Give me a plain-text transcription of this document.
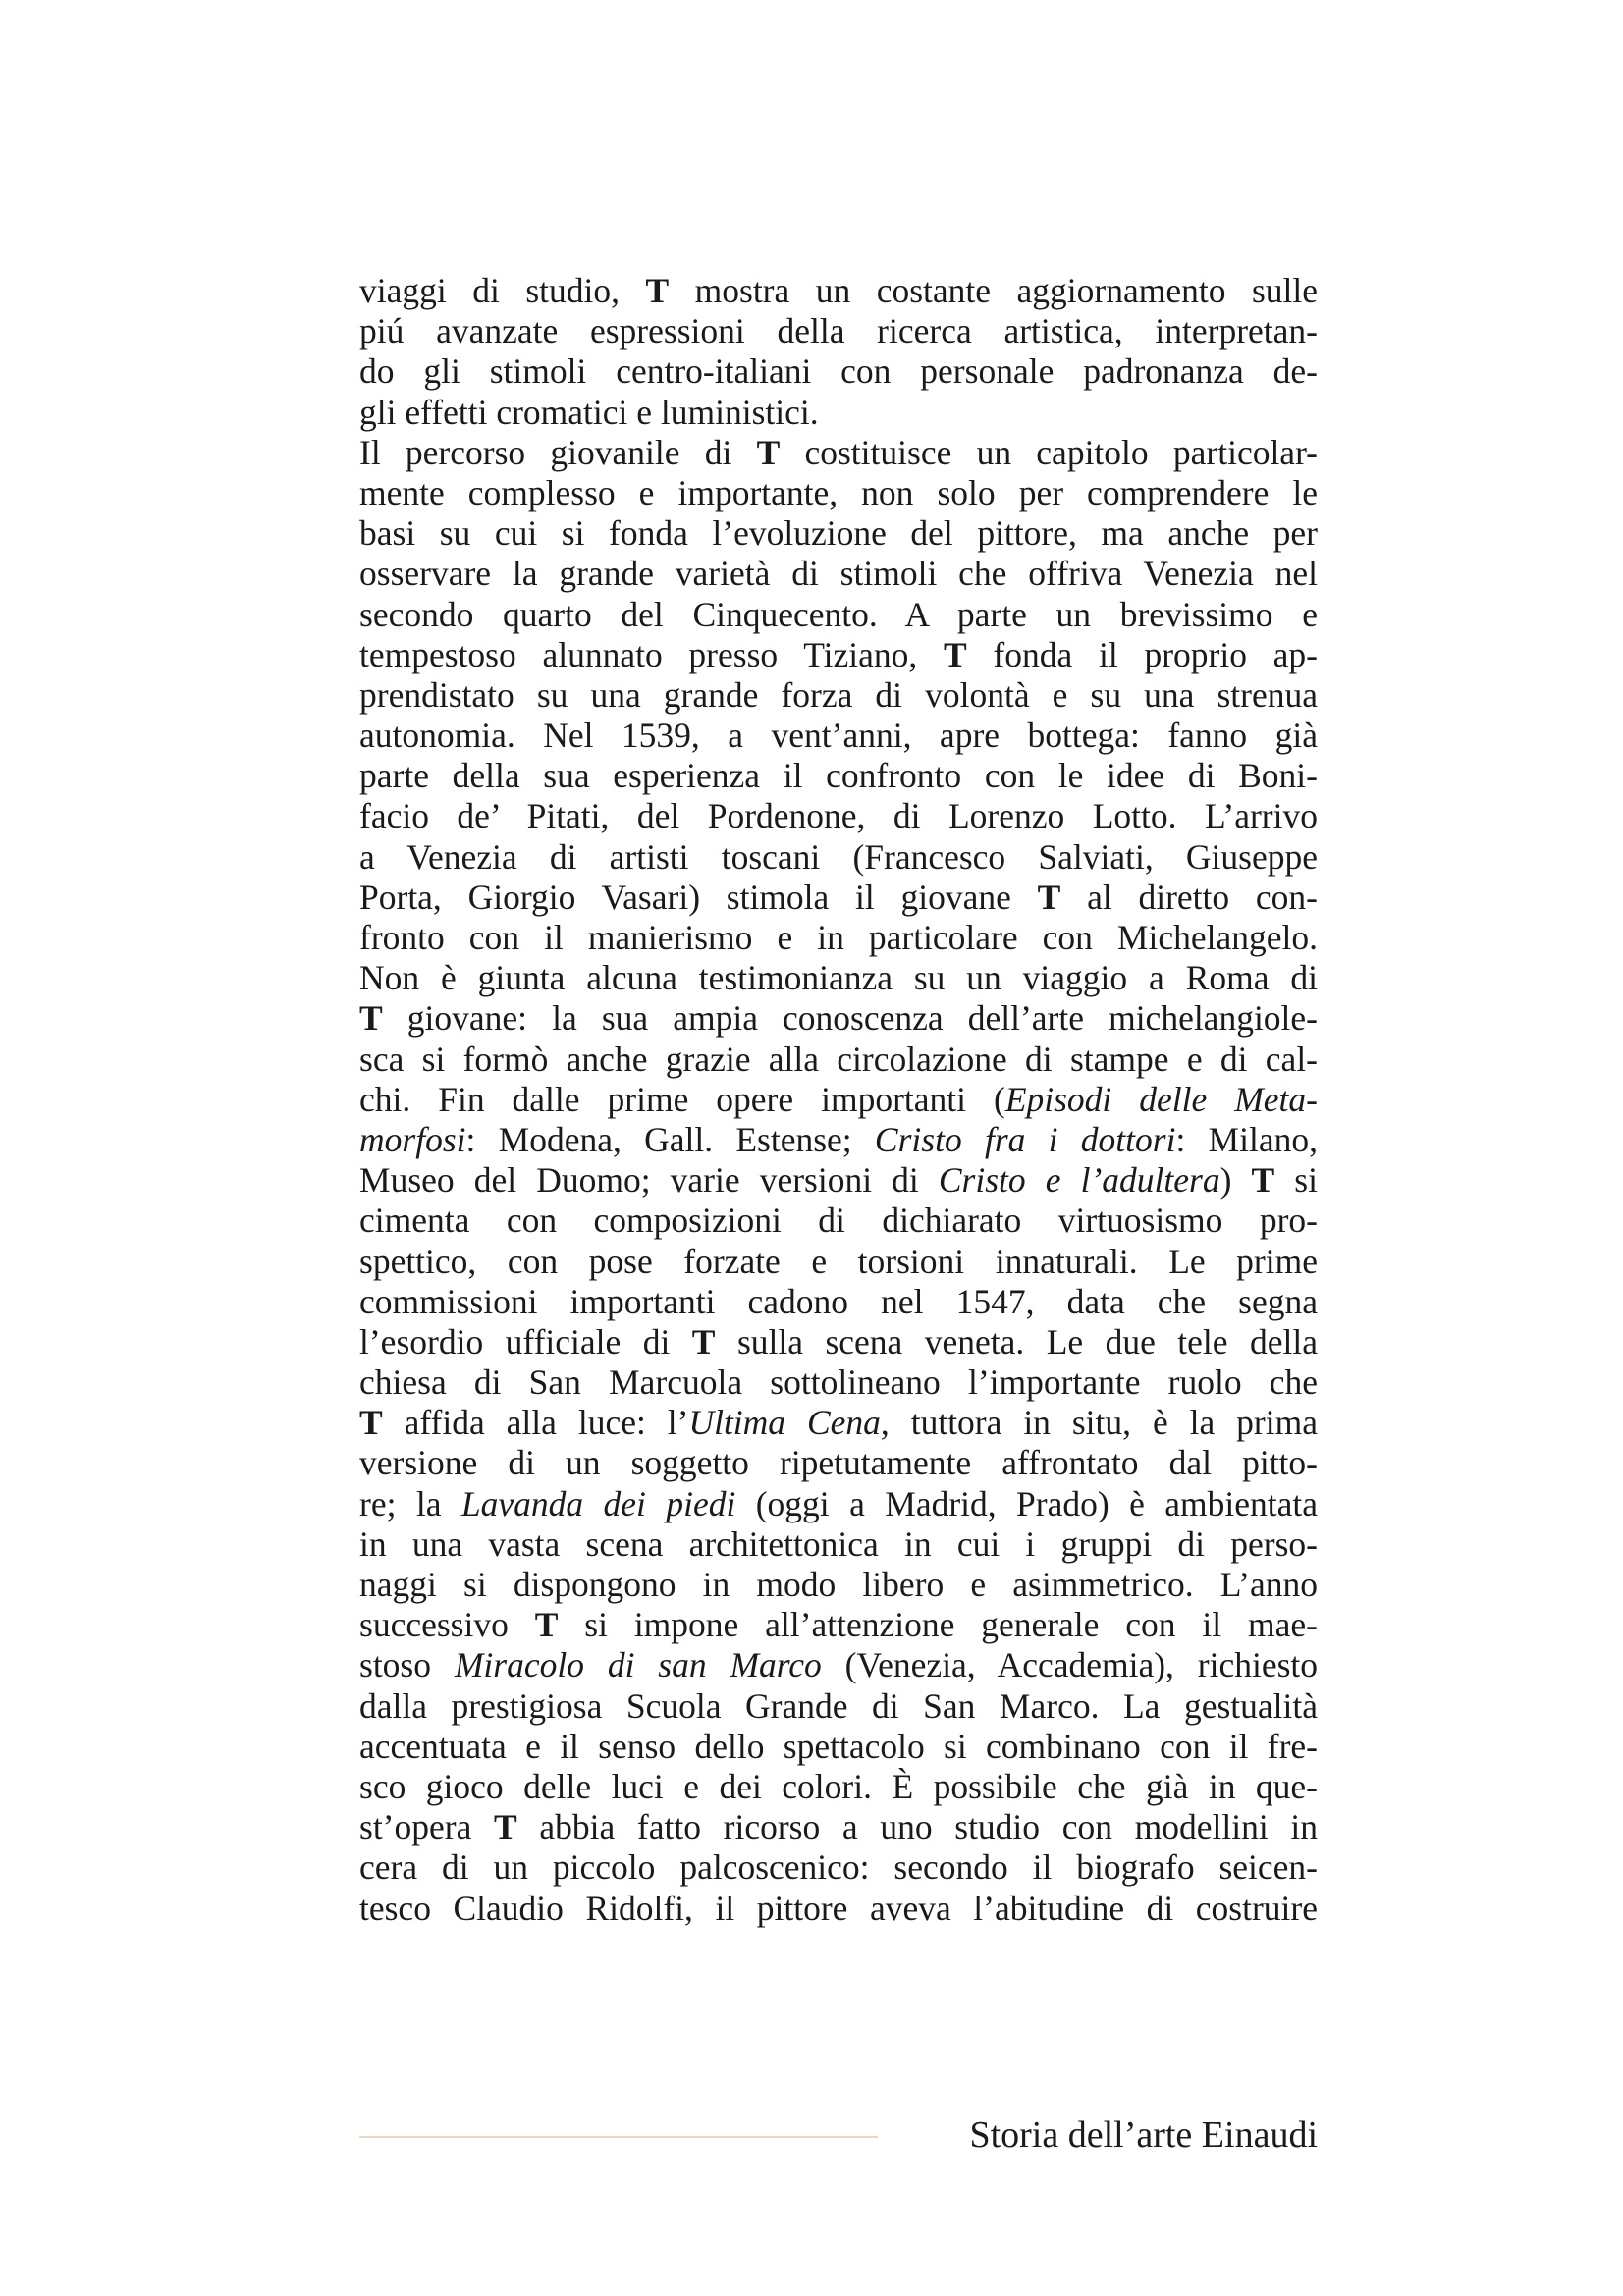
viaggi di studio, T mostra un costante aggiornamento sulle
piú avanzate espressioni della ricerca artistica, interpretan-
do gli stimoli centro-italiani con personale padronanza de-
gli effetti cromatici e luministici.
Il percorso giovanile di T costituisce un capitolo particolar-
mente complesso e importante, non solo per comprendere le
basi su cui si fonda l’evoluzione del pittore, ma anche per
osservare la grande varietà di stimoli che offriva Venezia nel
secondo quarto del Cinquecento. A parte un brevissimo e
tempestoso alunnato presso Tiziano, T fonda il proprio ap-
prendistato su una grande forza di volontà e su una strenua
autonomia. Nel 1539, a vent’anni, apre bottega: fanno già
parte della sua esperienza il confronto con le idee di Boni-
facio de’ Pitati, del Pordenone, di Lorenzo Lotto. L’arrivo
a Venezia di artisti toscani (Francesco Salviati, Giuseppe
Porta, Giorgio Vasari) stimola il giovane T al diretto con-
fronto con il manierismo e in particolare con Michelangelo.
Non è giunta alcuna testimonianza su un viaggio a Roma di
T giovane: la sua ampia conoscenza dell’arte michelangiole-
sca si formò anche grazie alla circolazione di stampe e di cal-
chi. Fin dalle prime opere importanti (Episodi delle Meta-
morfosi: Modena, Gall. Estense; Cristo fra i dottori: Milano,
Museo del Duomo; varie versioni di Cristo e l’adultera) T si
cimenta con composizioni di dichiarato virtuosismo pro-
spettico, con pose forzate e torsioni innaturali. Le prime
commissioni importanti cadono nel 1547, data che segna
l’esordio ufficiale di T sulla scena veneta. Le due tele della
chiesa di San Marcuola sottolineano l’importante ruolo che
T affida alla luce: l’Ultima Cena, tuttora in situ, è la prima
versione di un soggetto ripetutamente affrontato dal pitto-
re; la Lavanda dei piedi (oggi a Madrid, Prado) è ambientata
in una vasta scena architettonica in cui i gruppi di perso-
naggi si dispongono in modo libero e asimmetrico. L’anno
successivo T si impone all’attenzione generale con il mae-
stoso Miracolo di san Marco (Venezia, Accademia), richiesto
dalla prestigiosa Scuola Grande di San Marco. La gestualità
accentuata e il senso dello spettacolo si combinano con il fre-
sco gioco delle luci e dei colori. È possibile che già in que-
st’opera T abbia fatto ricorso a uno studio con modellini in
cera di un piccolo palcoscenico: secondo il biografo seicen-
tesco Claudio Ridolfi, il pittore aveva l’abitudine di costruire
Storia dell’arte Einaudi
